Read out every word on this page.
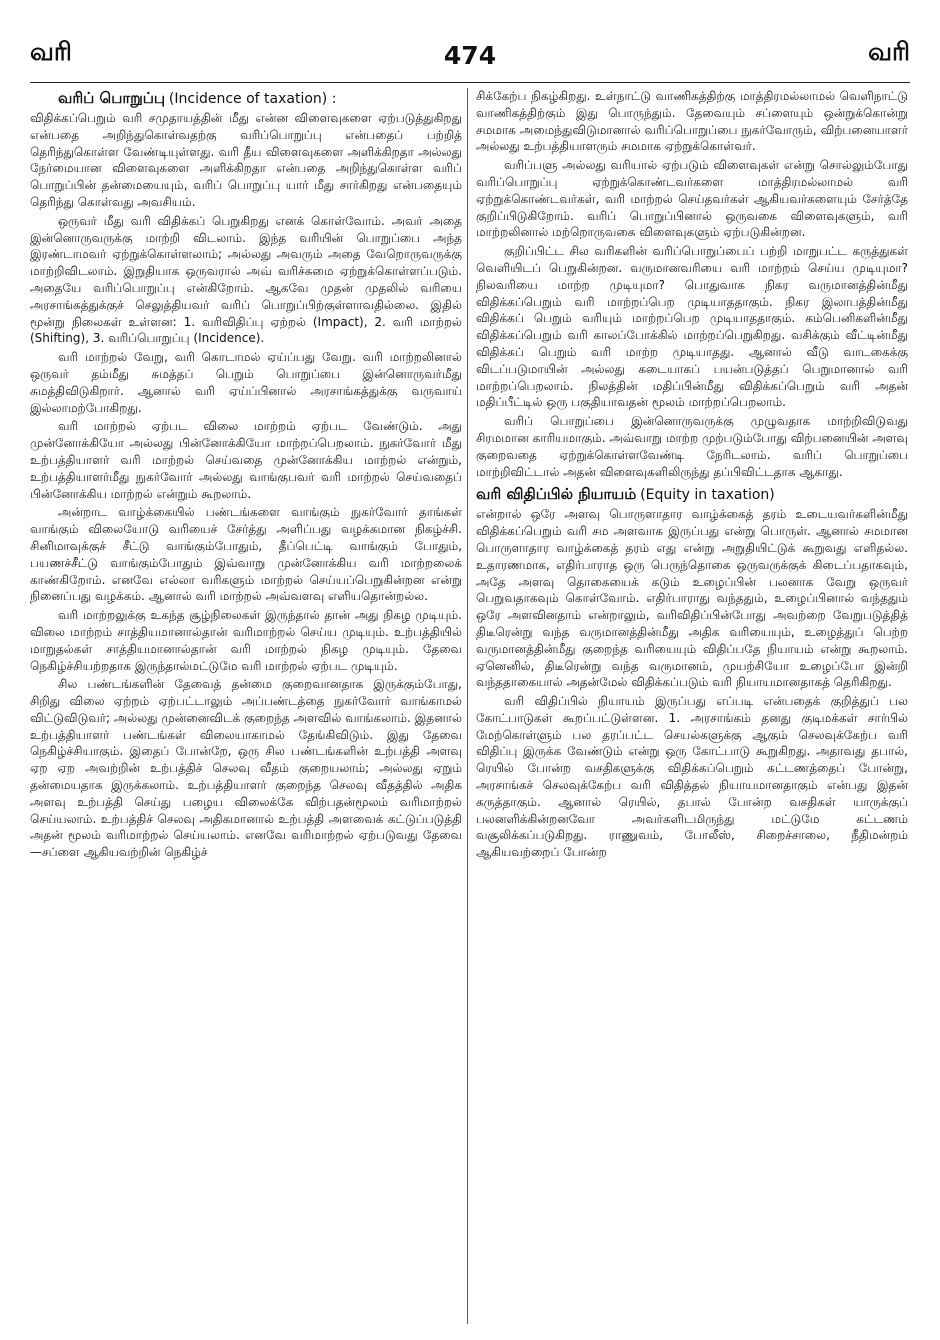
வரி	474	வரி

வரிப் பொறுப்பு (Incidence of taxation) :

விதிக்கப்பெறும் வரி சமுதாயத்தின் மீது என்ன விளைவுகளை ஏற்படுத்துகிறது என்பதை அறிந்துகொள்வதற்கு வரிப்பொறுப்பு என்பதைப் பற்றித் தெரிந்துகொள்ள வேண்டியுள்ளது. வரி தீய விளைவுகளை அளிக்கிறதா அல்லது நேர்மையான விளைவுகளை அளிக்கிறதா என்பதை அறிந்துகொள்ள வரிப் பொறுப்பின் தன்மையையும், வரிப் பொறுப்பு யார் மீது சார்கிறது என்பதையும் தெரிந்து கொள்வது அவசியம்.

ஒருவர் மீது வரி விதிக்கப் பெறுகிறது எனக் கொள்வோம். அவர் அதை இன்னொருவருக்கு மாற்றி விடலாம். இந்த வரியின் பொறுப்பை அந்த இரண்டாமவர் ஏற்றுக்கொள்ளலாம்; அல்லது அவரும் அதை வேறொருவருக்கு மாற்றிவிடலாம். இறுதியாக ஒருவரால் அவ் வரிச்சுமை ஏற்றுக்கொள்ளப்படும். அதையே வரிப்பொறுப்பு என்கிறோம். ஆகவே முதன் முதலில் வரியை அரசாங்கத்துக்குச் செலுத்தியவர் வரிப் பொறுப்பிற்குள்ளாவதில்லை. இதில் மூன்று நிலைகள் உள்ளன: 1. வரிவிதிப்பு ஏற்றல் (Impact), 2. வரி மாற்றல் (Shifting), 3. வரிப்பொறுப்பு (Incidence).

வரி மாற்றல் வேறு, வரி கொடாமல் ஏய்ப்பது வேறு. வரி மாற்றலினால் ஒருவர் தம்மீது சுமத்தப் பெறும் பொறுப்பை இன்னொருவர்மீது சுமத்திவிடுகிறார். ஆனால் வரி ஏய்ப்பினால் அரசாங்கத்துக்கு வருவாய் இல்லாமற்போகிறது.

வரி மாற்றல் ஏற்பட விலை மாற்றம் ஏற்பட வேண்டும். அது முன்னோக்கியோ அல்லது பின்னோக்கியோ மாற்றப்பெறலாம். நுகர்வோர் மீது உற்பத்தியாளர் வரி மாற்றல் செய்வதை முன்னோக்கிய மாற்றல் என்றும், உற்பத்தியாளர்மீது நுகர்வோர் அல்லது வாங்குபவர் வரி மாற்றல் செய்வதைப் பின்னோக்கிய மாற்றல் என்றும் கூறலாம்.

அன்றாட வாழ்க்கையில் பண்டங்களை வாங்கும் நுகர்வோர் தாங்கள் வாங்கும் விலையோடு வரியைச் சேர்த்து அளிப்பது வழக்கமான நிகழ்ச்சி. சினிமாவுக்குச் சீட்டு வாங்கும்போதும், தீப்பெட்டி வாங்கும் போதும், பயணச்சீட்டு வாங்கும்போதும் இவ்வாறு முன்னோக்கிய வரி மாற்றலைக் காண்கிறோம். எனவே எல்லா வரிகளும் மாற்றல் செய்யப்பெறுகின்றன என்று நினைப்பது வழக்கம். ஆனால் வரி மாற்றல் அவ்வளவு எளியதொன்றல்ல.

வரி மாற்றலுக்கு உகந்த சூழ்நிலைகள் இருந்தால் தான் அது நிகழ முடியும். விலை மாற்றம் சாத்தியமானால்தான் வரிமாற்றல் செய்ய முடியும். உற்பத்தியில் மாறுதல்கள் சாத்தியமானால்தான் வரி மாற்றல் நிகழ முடியும். தேவை நெகிழ்ச்சியற்றதாக இருந்தால்மட்டுமே வரி மாற்றல் ஏற்பட முடியும்.

சில பண்டங்களின் தேவைத் தன்மை குறைவானதாக இருக்கும்போது, சிறிது விலை ஏற்றம் ஏற்பட்டாலும் அப்பண்டத்தை நுகர்வோர் வாங்காமல் விட்டுவிடுவர்; அல்லது முன்னைவிடக் குறைந்த அளவில் வாங்கலாம். இதனால் உற்பத்தியாளர் பண்டங்கள் விலையாகாமல் தேங்கிவிடும். இது தேவை நெகிழ்ச்சியாகும். இதைப் போன்றே, ஒரு சில பண்டங்களின் உற்பத்தி அளவு ஏற ஏற அவற்றின் உற்பத்திச் செலவு வீதம் குறையலாம்; அல்லது ஏறும் தன்மையதாக இருக்கலாம். உற்பத்தியாளர் குறைந்த செலவு வீதத்தில் அதிக அளவு உற்பத்தி செய்து பழைய விலைக்கே விற்பதன்மூலம் வரிமாற்றல் செய்யலாம். உற்பத்திச் செலவு அதிகமானால் உற்பத்தி அளவைக் கட்டுப்படுத்தி அதன் மூலம் வரிமாற்றல் செய்யலாம். எனவே வரிமாற்றல் ஏற்படுவது தேவை—சப்ளை ஆகியவற்றின் நெகிழ்ச்

சிக்கேற்ப நிகழ்கிறது. உள்நாட்டு வாணிகத்திற்கு மாத்திரமல்லாமல் வெளிநாட்டு வாணிகத்திற்கும் இது பொருந்தும். தேவையும் சப்ளையும் ஒன்றுக்கொன்று சமமாக அமைந்துவிடுமானால் வரிப்பொறுப்பை நுகர்வோரும், விற்பனையாளர் அல்லது உற்பத்தியாளரும் சமமாக ஏற்றுக்கொள்வர்.

வரிப்பளு அல்லது வரியால் ஏற்படும் விளைவுகள் என்று சொல்லும்போது வரிப்பொறுப்பு ஏற்றுக்கொண்டவர்களை மாத்திரமல்லாமல் வரி ஏற்றுக்கொண்டவர்கள், வரி மாற்றல் செய்தவர்கள் ஆகியவர்களையும் சேர்த்தே குறிப்பிடுகிறோம். வரிப் பொறுப்பினால் ஒருவகை விளைவுகளும், வரி மாற்றலினால் மற்றொருவகை விளைவுகளும் ஏற்படுகின்றன.

குறிப்பிட்ட சில வரிகளின் வரிப்பொறுப்பைப் பற்றி மாறுபட்ட கருத்துகள் வெளியிடப் பெறுகின்றன. வருமானவரியை வரி மாற்றம் செய்ய முடியுமா? நிலவரியை மாற்ற முடியுமா? பொதுவாக நிகர வருமானத்தின்மீது விதிக்கப்பெறும் வரி மாற்றப்பெற முடியாததாகும். நிகர இலாபத்தின்மீது விதிக்கப் பெறும் வரியும் மாற்றப்பெற முடியாததாகும். கம்பெனிகளின்மீது விதிக்கப்பெறும் வரி காலப்போக்கில் மாற்றப்பெறுகிறது. வசிக்கும் வீட்டின்மீது விதிக்கப் பெறும் வரி மாற்ற முடியாதது. ஆனால் வீடு வாடகைக்கு விடப்படுமாயின் அல்லது கடையாகப் பயன்படுத்தப் பெறுமானால் வரி மாற்றப்பெறலாம். நிலத்தின் மதிப்பின்மீது விதிக்கப்பெறும் வரி அதன் மதிப்பீட்டில் ஒரு பகுதியாவதன் மூலம் மாற்றப்பெறலாம்.

வரிப் பொறுப்பை இன்னொருவருக்கு முழுவதாக மாற்றிவிடுவது சிரமமான காரியமாகும். அவ்வாறு மாற்ற முற்படும்போது விற்பனையின் அளவு குறைவதை ஏற்றுக்கொள்ளவேண்டி நேரிடலாம். வரிப் பொறுப்பை மாற்றிவிட்டால் அதன் விளைவுகளிலிருந்து தப்பிவிட்டதாக ஆகாது.

வரி விதிப்பில் நியாயம் (Equity in taxation)

என்றால் ஒரே அளவு பொருளாதார வாழ்க்கைத் தரம் உடையவர்களின்மீது விதிக்கப்பெறும் வரி சம அளவாக இருப்பது என்று பொருள். ஆனால் சமமான பொருளாதார வாழ்க்கைத் தரம் எது என்று அறுதியிட்டுக் கூறுவது எளிதல்ல. உதாரணமாக, எதிர்பாராத ஒரு பெருந்தொகை ஒருவருக்குக் கிடைப்பதாகவும், அதே அளவு தொகையைக் கடும் உழைப்பின் பலனாக வேறு ஒருவர் பெறுவதாகவும் கொள்வோம். எதிர்பாராது வந்ததும், உழைப்பினால் வந்ததும் ஒரே அளவினதாம் என்றாலும், வரிவிதிப்பின்போது அவற்றை வேறுபடுத்தித் திடீரென்று வந்த வருமானத்தின்மீது அதிக வரியையும், உழைத்துப் பெற்ற வருமானத்தின்மீது குறைந்த வரியையும் விதிப்பதே நியாயம் என்று கூறலாம். ஏனெனில், திடீரென்று வந்த வருமானம், முயற்சியோ உழைப்போ இன்றி வந்ததாகையால் அதன்மேல் விதிக்கப்படும் வரி நியாயமானதாகத் தெரிகிறது.

வரி விதிப்பில் நியாயம் இருப்பது எப்படி என்பதைக் குறித்துப் பல கோட்பாடுகள் கூறப்பட்டுள்ளன. 1. அரசாங்கம் தனது குடிமக்கள் சார்பில் மேற்கொள்ளும் பல தரப்பட்ட செயல்களுக்கு ஆகும் செலவுக்கேற்ப வரி விதிப்பு இருக்க வேண்டும் என்று ஒரு கோட்பாடு கூறுகிறது. அதாவது தபால், ரெயில் போன்ற வசதிகளுக்கு விதிக்கப்பெறும் கட்டணத்தைப் போன்று, அரசாங்கச் செலவுக்கேற்ப வரி விதித்தல் நியாயமானதாகும் என்பது இதன் கருத்தாகும். ஆனால் ரெயில், தபால் போன்ற வசதிகள் யாருக்குப் பலனளிக்கின்றனவோ அவர்களிடமிருந்து மட்டுமே கட்டணம் வசூலிக்கப்படுகிறது. ராணுவம், போலீஸ், சிறைச்சாலை, நீதிமன்றம் ஆகியவற்றைப் போன்ற
